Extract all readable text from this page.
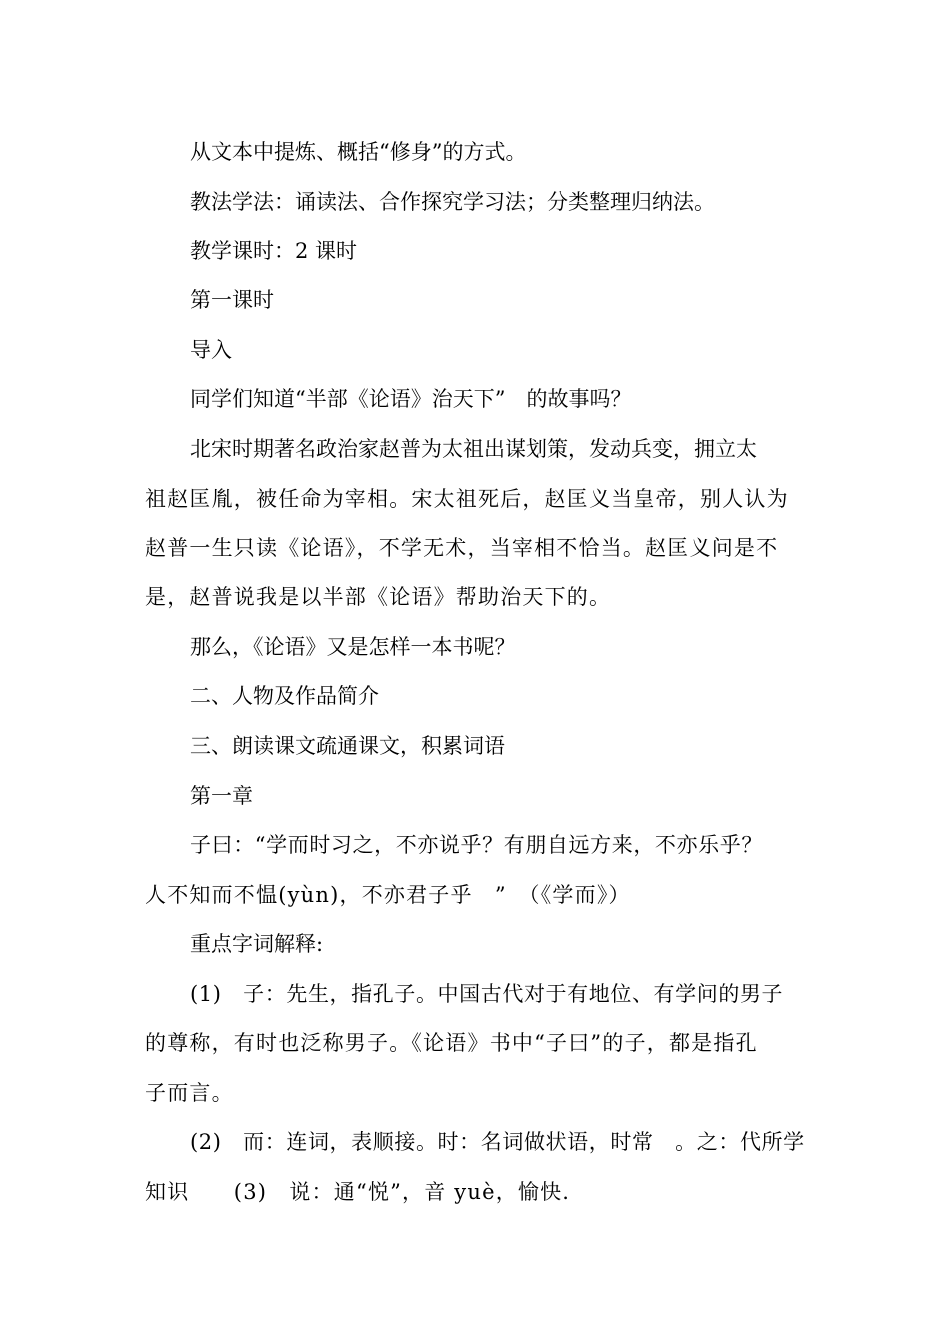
从文本中提炼、概括“修身”的方式。

教法学法：诵读法、合作探究学习法；分类整理归纳法。

教学课时：2 课时

第一课时

导入

同学们知道“半部《论语》治天下”　的故事吗？

北宋时期著名政治家赵普为太祖出谋划策，发动兵变，拥立太

祖赵匡胤，被任命为宰相。宋太祖死后，赵匡义当皇帝，别人认为

赵普一生只读《论语》，不学无术，当宰相不恰当。赵匡义问是不

是，赵普说我是以半部《论语》帮助治天下的。

那么，《论语》又是怎样一本书呢？

二、人物及作品简介

三、朗读课文疏通课文，积累词语

第一章

子曰：“学而时习之，不亦说乎？有朋自远方来，不亦乐乎？

人不知而不愠(yùn)，不亦君子乎　”　（《学而》）

重点字词解释:

(1)　子：先生，指孔子。中国古代对于有地位、有学问的男子

的尊称，有时也泛称男子。《论语》书中“子曰”的子，都是指孔

子而言。

(2)　而：连词，表顺接。时：名词做状语，时常　。之：代所学

知识　　(3)　说：通“悦”，音 yuè，愉快.
